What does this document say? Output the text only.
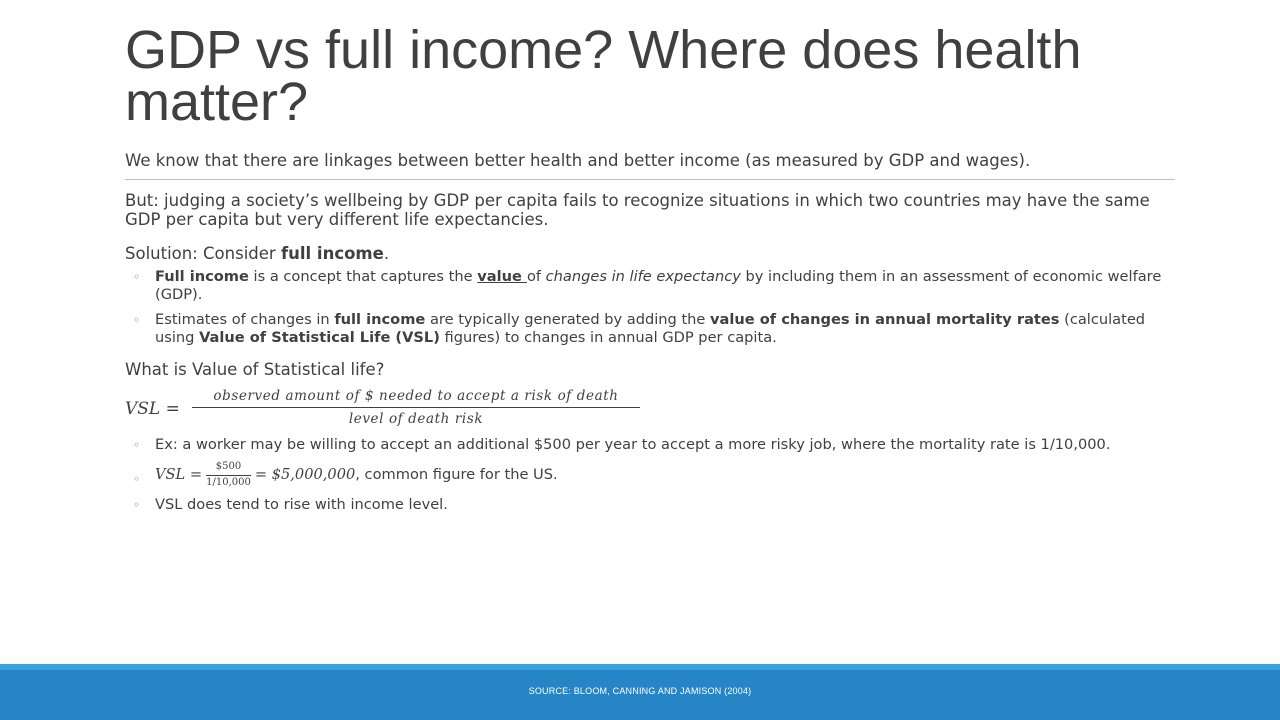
GDP vs full income? Where does health matter?

We know that there are linkages between better health and better income (as measured by GDP and wages).

But: judging a society’s wellbeing by GDP per capita fails to recognize situations in which two countries may have the same GDP per capita but very different life expectancies.

Solution: Consider full income.

◦ Full income is a concept that captures the value of changes in life expectancy by including them in an assessment of economic welfare (GDP).
◦ Estimates of changes in full income are typically generated by adding the value of changes in annual mortality rates (calculated using Value of Statistical Life (VSL) figures) to changes in annual GDP per capita.

What is Value of Statistical life?

VSL =
observed amount of $ needed to accept a risk of death
level of death risk
◦ Ex: a worker may be willing to accept an additional $500 per year to accept a more risky job, where the mortality rate is 1/10,000.
◦ VSL = $\frac{\$500}{1/10,000}$ = $5,000,000, common figure for the US.
◦ VSL does tend to rise with income level.
SOURCE: BLOOM, CANNING AND JAMISON (2004)
